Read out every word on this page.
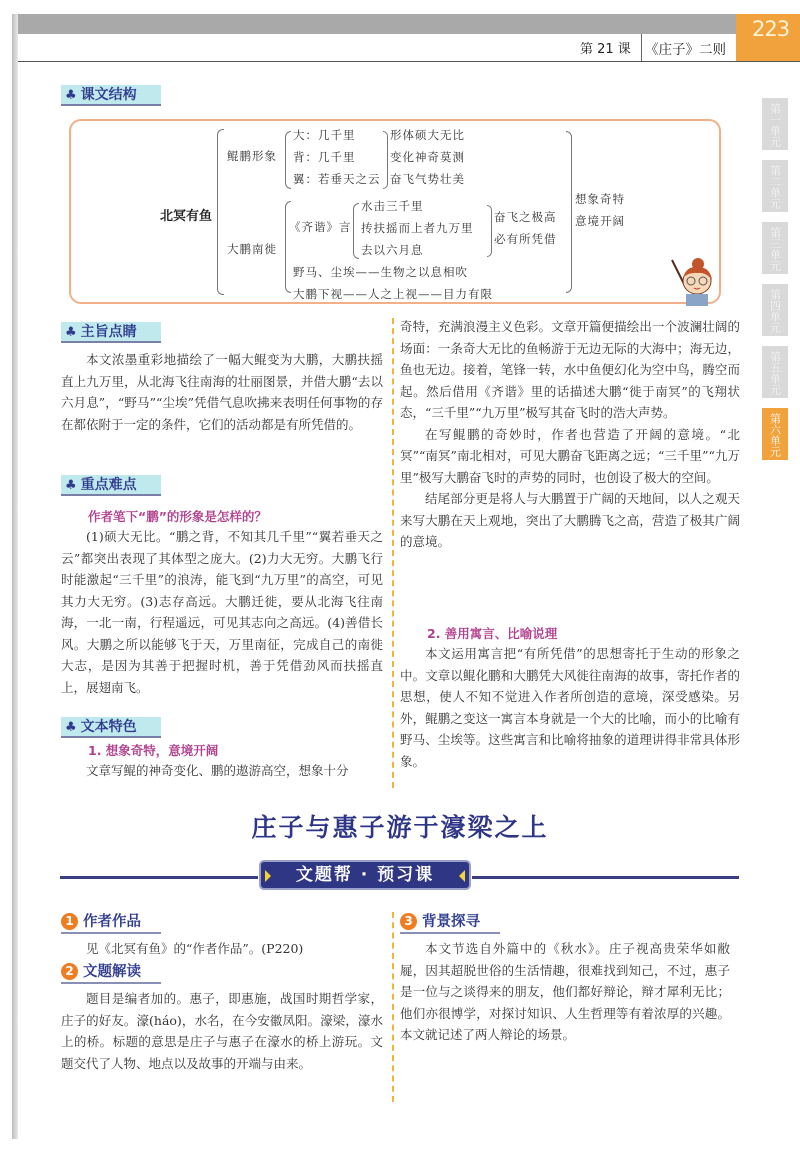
第 21 课 《庄子》二则
223
第一单元
第二单元
第三单元
第四单元
第五单元
第六单元
♣ 课文结构
北冥有鱼
鲲鹏形象
大：几千里
背：几千里
翼：若垂天之云
形体硕大无比
变化神奇莫测
奋飞气势壮美
大鹏南徙
《齐谐》言
水击三千里
抟扶摇而上者九万里
去以六月息
奋飞之极高
必有所凭借
野马、尘埃——生物之以息相吹
大鹏下视——人之上视——目力有限
想象奇特
意境开阔
♣ 主旨点睛

本文浓墨重彩地描绘了一幅大鲲变为大鹏，大鹏扶摇直上九万里，从北海飞往南海的壮丽图景，并借大鹏“去以六月息”，“野马”“尘埃”凭借气息吹拂来表明任何事物的存在都依附于一定的条件，它们的活动都是有所凭借的。

♣ 重点难点
作者笔下“鹏”的形象是怎样的？

(1)硕大无比。“鹏之背，不知其几千里”“翼若垂天之云”都突出表现了其体型之庞大。(2)力大无穷。大鹏飞行时能激起“三千里”的浪涛，能飞到“九万里”的高空，可见其力大无穷。(3)志存高远。大鹏迁徙，要从北海飞往南海，一北一南，行程遥远，可见其志向之高远。(4)善借长风。大鹏之所以能够飞于天，万里南征，完成自己的南徙大志，是因为其善于把握时机，善于凭借劲风而扶摇直上，展翅南飞。

♣ 文本特色
1. 想象奇特，意境开阔

文章写鲲的神奇变化、鹏的遨游高空，想象十分

奇特，充满浪漫主义色彩。文章开篇便描绘出一个波澜壮阔的场面：一条奇大无比的鱼畅游于无边无际的大海中；海无边，鱼也无边。接着，笔锋一转，水中鱼便幻化为空中鸟，腾空而起。然后借用《齐谐》里的话描述大鹏“徙于南冥”的飞翔状态，“三千里”“九万里”极写其奋飞时的浩大声势。

在写鲲鹏的奇妙时，作者也营造了开阔的意境。“北冥”“南冥”南北相对，可见大鹏奋飞距离之远；“三千里”“九万里”极写大鹏奋飞时的声势的同时，也创设了极大的空间。

结尾部分更是将人与大鹏置于广阔的天地间，以人之观天来写大鹏在天上观地，突出了大鹏腾飞之高，营造了极其广阔的意境。

2. 善用寓言、比喻说理

本文运用寓言把“有所凭借”的思想寄托于生动的形象之中。文章以鲲化鹏和大鹏凭大风徙往南海的故事，寄托作者的思想，使人不知不觉进入作者所创造的意境，深受感染。另外，鲲鹏之变这一寓言本身就是一个大的比喻，而小的比喻有野马、尘埃等。这些寓言和比喻将抽象的道理讲得非常具体形象。

庄子与惠子游于濠梁之上
文题帮 · 预习课
1 作者作品

见《北冥有鱼》的“作者作品”。(P220)

2 文题解读

题目是编者加的。惠子，即惠施，战国时期哲学家，庄子的好友。濠(háo)，水名，在今安徽凤阳。濠梁，濠水上的桥。标题的意思是庄子与惠子在濠水的桥上游玩。文题交代了人物、地点以及故事的开端与由来。

3 背景探寻

本文节选自外篇中的《秋水》。庄子视高贵荣华如敝屣，因其超脱世俗的生活情趣，很难找到知己，不过，惠子是一位与之谈得来的朋友，他们都好辩论，辩才犀利无比；他们亦很博学，对探讨知识、人生哲理等有着浓厚的兴趣。本文就记述了两人辩论的场景。
